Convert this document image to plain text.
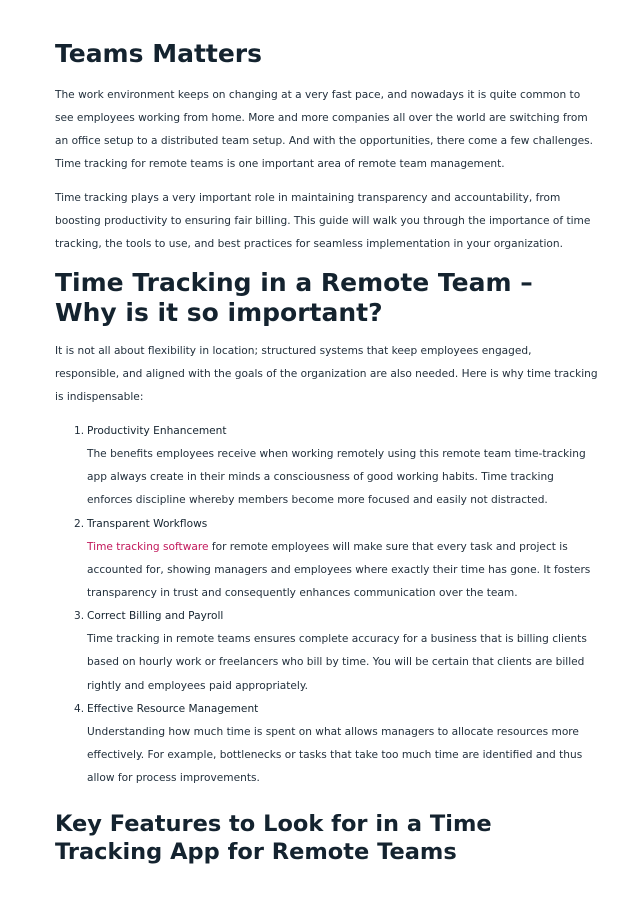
Teams Matters

The work environment keeps on changing at a very fast pace, and nowadays it is quite common to see employees working from home. More and more companies all over the world are switching from an office setup to a distributed team setup. And with the opportunities, there come a few challenges. Time tracking for remote teams is one important area of remote team management.

Time tracking plays a very important role in maintaining transparency and accountability, from boosting productivity to ensuring fair billing. This guide will walk you through the importance of time tracking, the tools to use, and best practices for seamless implementation in your organization.

Time Tracking in a Remote Team – Why is it so important?

It is not all about flexibility in location; structured systems that keep employees engaged, responsible, and aligned with the goals of the organization are also needed. Here is why time tracking is indispensable:

1. Productivity Enhancement

The benefits employees receive when working remotely using this remote team time-tracking app always create in their minds a consciousness of good working habits. Time tracking enforces discipline whereby members become more focused and easily not distracted.

2. Transparent Workflows

Time tracking software for remote employees will make sure that every task and project is accounted for, showing managers and employees where exactly their time has gone. It fosters transparency in trust and consequently enhances communication over the team.

3. Correct Billing and Payroll

Time tracking in remote teams ensures complete accuracy for a business that is billing clients based on hourly work or freelancers who bill by time. You will be certain that clients are billed rightly and employees paid appropriately.

4. Effective Resource Management

Understanding how much time is spent on what allows managers to allocate resources more effectively. For example, bottlenecks or tasks that take too much time are identified and thus allow for process improvements.

Key Features to Look for in a Time Tracking App for Remote Teams
